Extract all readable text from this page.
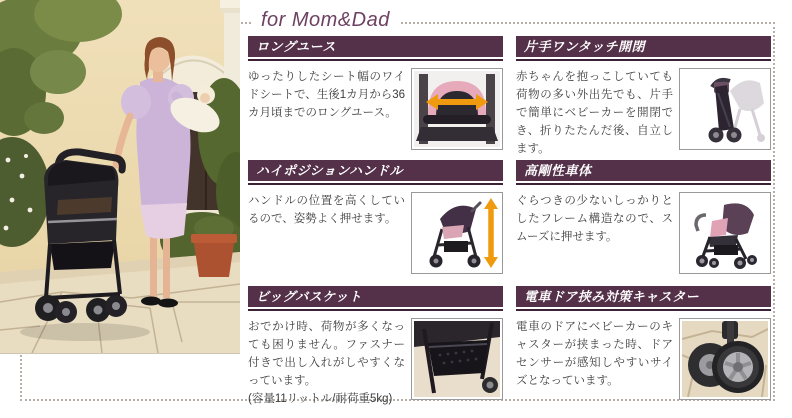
for Mom&Dad
ロングユース

ゆったりしたシート幅のワイドシートで、生後1カ月から36カ月頃までのロングユース。

片手ワンタッチ開閉

赤ちゃんを抱っこしていても荷物の多い外出先でも、片手で簡単にベビーカーを開閉でき、折りたたんだ後、自立します。

ハイポジションハンドル

ハンドルの位置を高くしているので、姿勢よく押せます。

高剛性車体

ぐらつきの少ないしっかりとしたフレーム構造なので、スムーズに押せます。

ビッグバスケット

おでかけ時、荷物が多くなっても困りません。ファスナー付きで出し入れがしやすくなっています。

(容量11リットル/耐荷重5kg)

電車ドア挟み対策キャスター

電車のドアにベビーカーのキャスターが挟まった時、ドアセンサーが感知しやすいサイズとなっています。
